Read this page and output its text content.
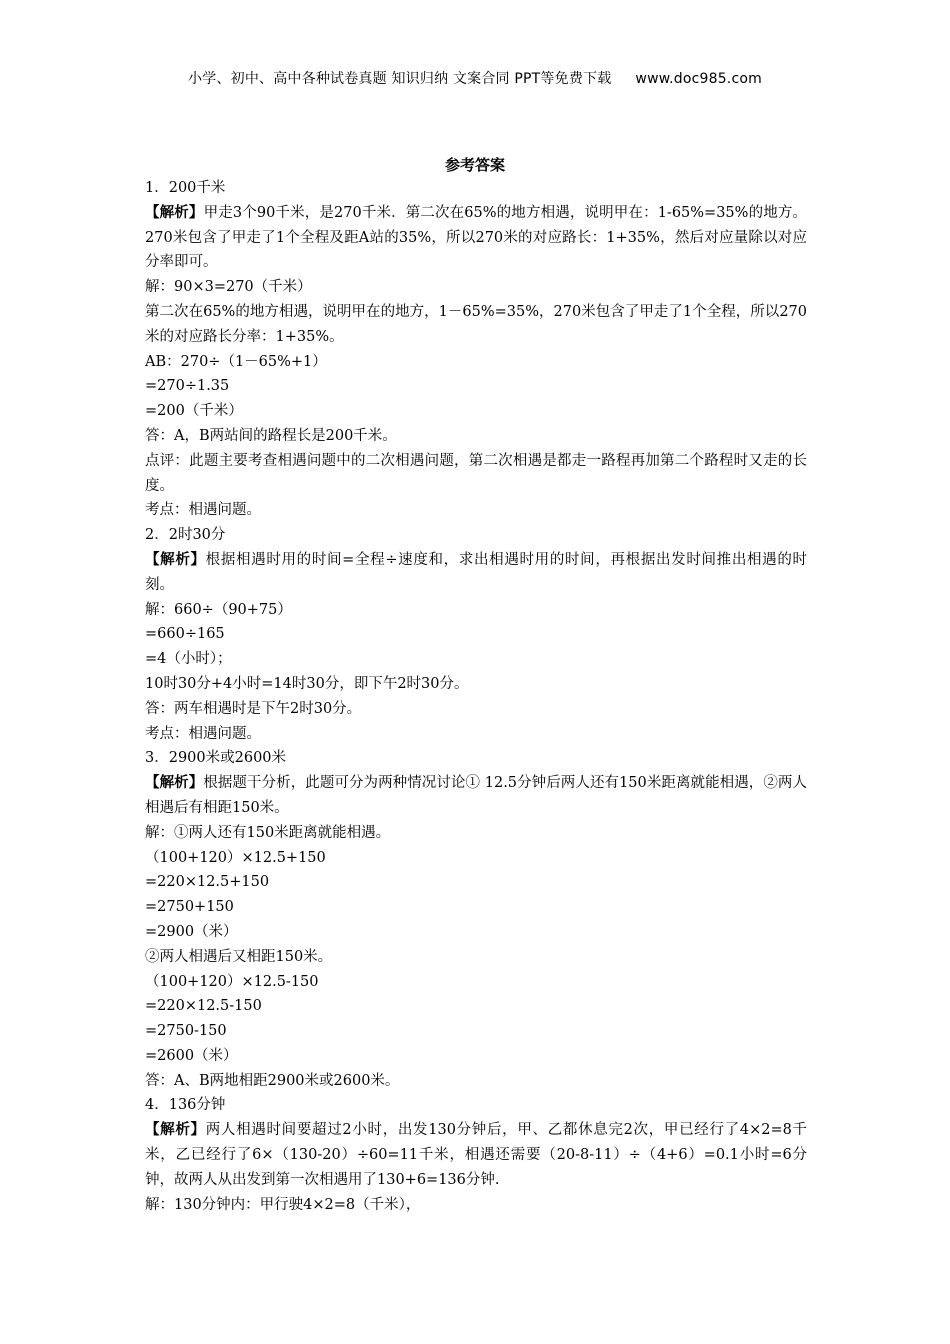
小学、初中、高中各种试卷真题 知识归纳 文案合同 PPT等免费下载 www.doc985.com
参考答案
1．200千米
【解析】甲走3个90千米，是270千米．第二次在65%的地方相遇，说明甲在：1-65%=35%的地方。270米包含了甲走了1个全程及距A站的35%，所以270米的对应路长：1+35%，然后对应量除以对应分率即可。
解：90×3=270（千米）
第二次在65%的地方相遇，说明甲在的地方，1－65%=35%，270米包含了甲走了1个全程，所以270米的对应路长分率：1+35%。
AB：270÷（1－65%+1）
=270÷1.35
=200（千米）
答：A，B两站间的路程长是200千米。
点评：此题主要考查相遇问题中的二次相遇问题，第二次相遇是都走一路程再加第二个路程时又走的长度。
考点：相遇问题。
2．2时30分
【解析】根据相遇时用的时间=全程÷速度和，求出相遇时用的时间，再根据出发时间推出相遇的时刻。
解：660÷（90+75）
=660÷165
=4（小时）；
10时30分+4小时=14时30分，即下午2时30分。
答：两车相遇时是下午2时30分。
考点：相遇问题。
3．2900米或2600米
【解析】根据题干分析，此题可分为两种情况讨论① 12.5分钟后两人还有150米距离就能相遇，②两人相遇后有相距150米。
解：①两人还有150米距离就能相遇。
（100+120）×12.5+150
=220×12.5+150
=2750+150
=2900（米）
②两人相遇后又相距150米。
（100+120）×12.5-150
=220×12.5-150
=2750-150
=2600（米）
答：A、B两地相距2900米或2600米。
4．136分钟
【解析】两人相遇时间要超过2小时，出发130分钟后，甲、乙都休息完2次，甲已经行了4×2=8千米，乙已经行了6×（130-20）÷60=11千米，相遇还需要（20-8-11）÷（4+6）=0.1小时=6分钟，故两人从出发到第一次相遇用了130+6=136分钟.
解：130分钟内：甲行驶4×2=8（千米），
